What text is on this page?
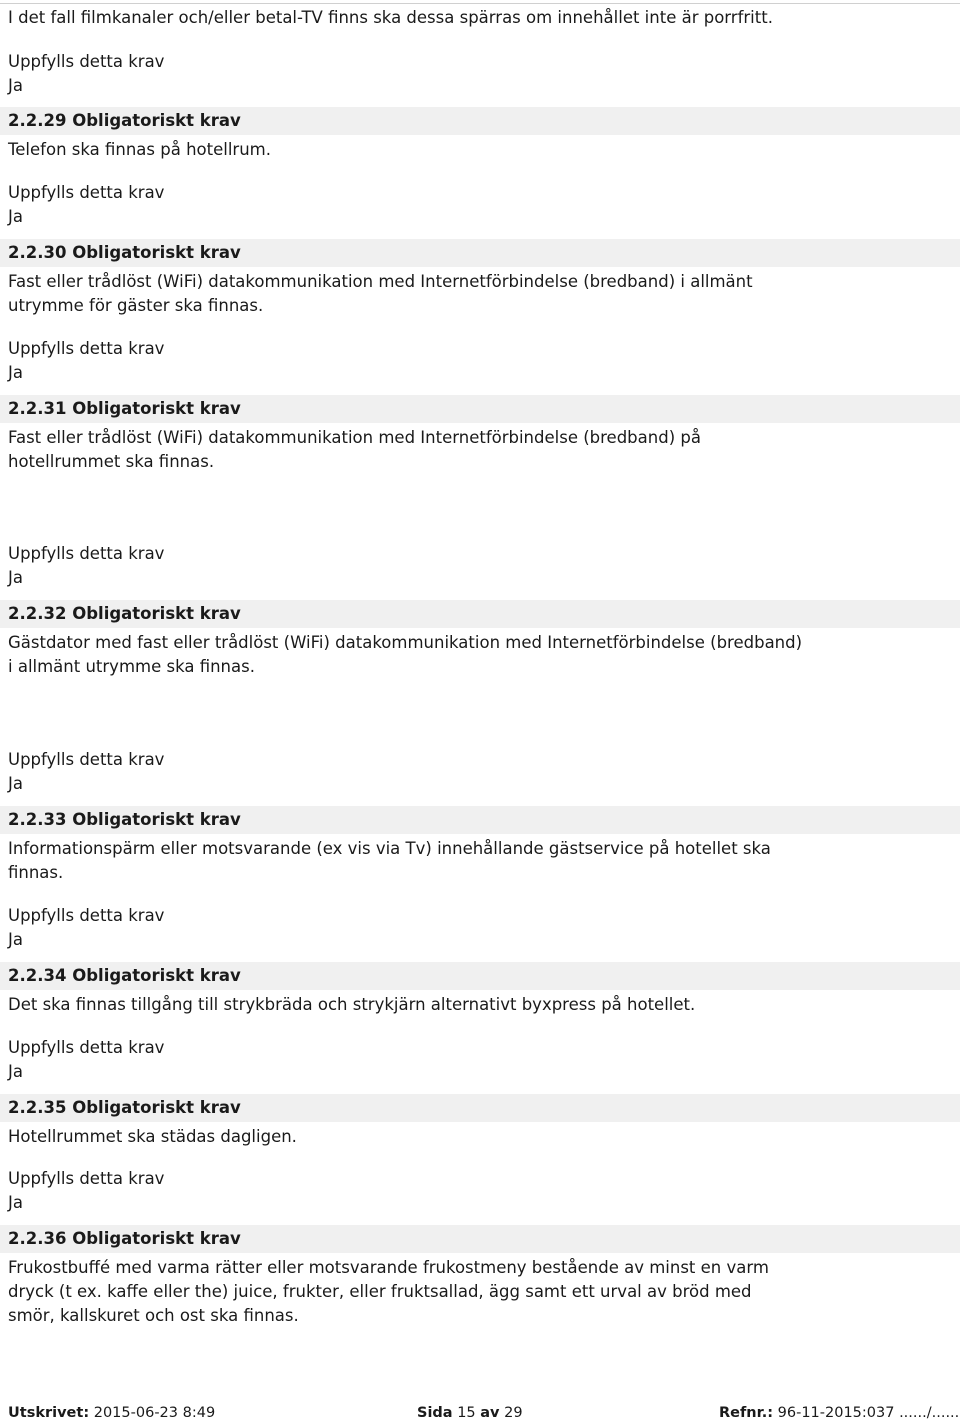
I det fall filmkanaler och/eller betal-TV finns ska dessa spärras om innehållet inte är porrfritt.
Uppfylls detta krav
Ja
2.2.29 Obligatoriskt krav
Telefon ska finnas på hotellrum.
Uppfylls detta krav
Ja
2.2.30 Obligatoriskt krav
Fast eller trådlöst (WiFi) datakommunikation med Internetförbindelse (bredband) i allmänt utrymme för gäster ska finnas.
Uppfylls detta krav
Ja
2.2.31 Obligatoriskt krav
Fast eller trådlöst (WiFi) datakommunikation med Internetförbindelse (bredband) på hotellrummet ska finnas.
Uppfylls detta krav
Ja
2.2.32 Obligatoriskt krav
Gästdator med fast eller trådlöst (WiFi) datakommunikation med Internetförbindelse (bredband) i allmänt utrymme ska finnas.
Uppfylls detta krav
Ja
2.2.33 Obligatoriskt krav
Informationspärm eller motsvarande (ex vis via Tv) innehållande gästservice på hotellet ska finnas.
Uppfylls detta krav
Ja
2.2.34 Obligatoriskt krav
Det ska finnas tillgång till strykbräda och strykjärn alternativt byxpress på hotellet.
Uppfylls detta krav
Ja
2.2.35 Obligatoriskt krav
Hotellrummet ska städas dagligen.
Uppfylls detta krav
Ja
2.2.36 Obligatoriskt krav
Frukostbuffé med varma rätter eller motsvarande frukostmeny bestående av minst en varm dryck (t ex. kaffe eller the) juice, frukter, eller fruktsallad, ägg samt ett urval av bröd med smör, kallskuret och ost ska finnas.
Utskrivet: 2015-06-23 8:49	Sida 15 av 29	Refnr.: 96-11-2015:037 ....../......
